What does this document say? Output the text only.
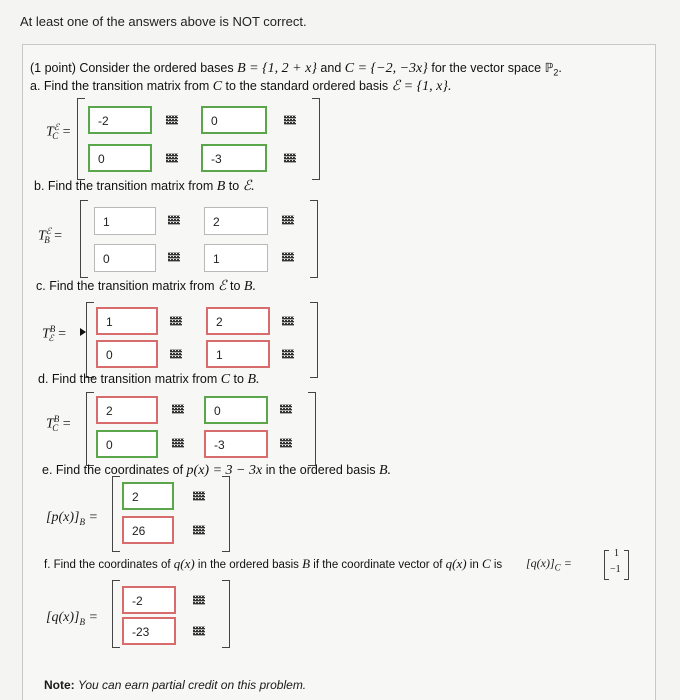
At least one of the answers above is NOT correct.
(1 point) Consider the ordered bases B = {1, 2 + x} and C = {−2, −3x} for the vector space ℙ$_2$.
a. Find the transition matrix from C to the standard ordered basis ℰ = {1, x}.
$T^ℰ_C$ =
-2
0
0
-3
b. Find the transition matrix from B to ℰ.
$T^ℰ_B$ =
1
2
0
1
c. Find the transition matrix from ℰ to B.
$T^B_ℰ$ =
1
2
0
1
d. Find the transition matrix from C to B.
$T^B_C$ =
2
0
0
-3
e. Find the coordinates of p(x) = 3 − 3x in the ordered basis B.
$[p(x)]_B$ =
2
26
f. Find the coordinates of q(x) in the ordered basis B if the coordinate vector of q(x) in C is $[q(x)]_C$ =
1
−1
$[q(x)]_B$ =
-2
-23
Note: You can earn partial credit on this problem.
